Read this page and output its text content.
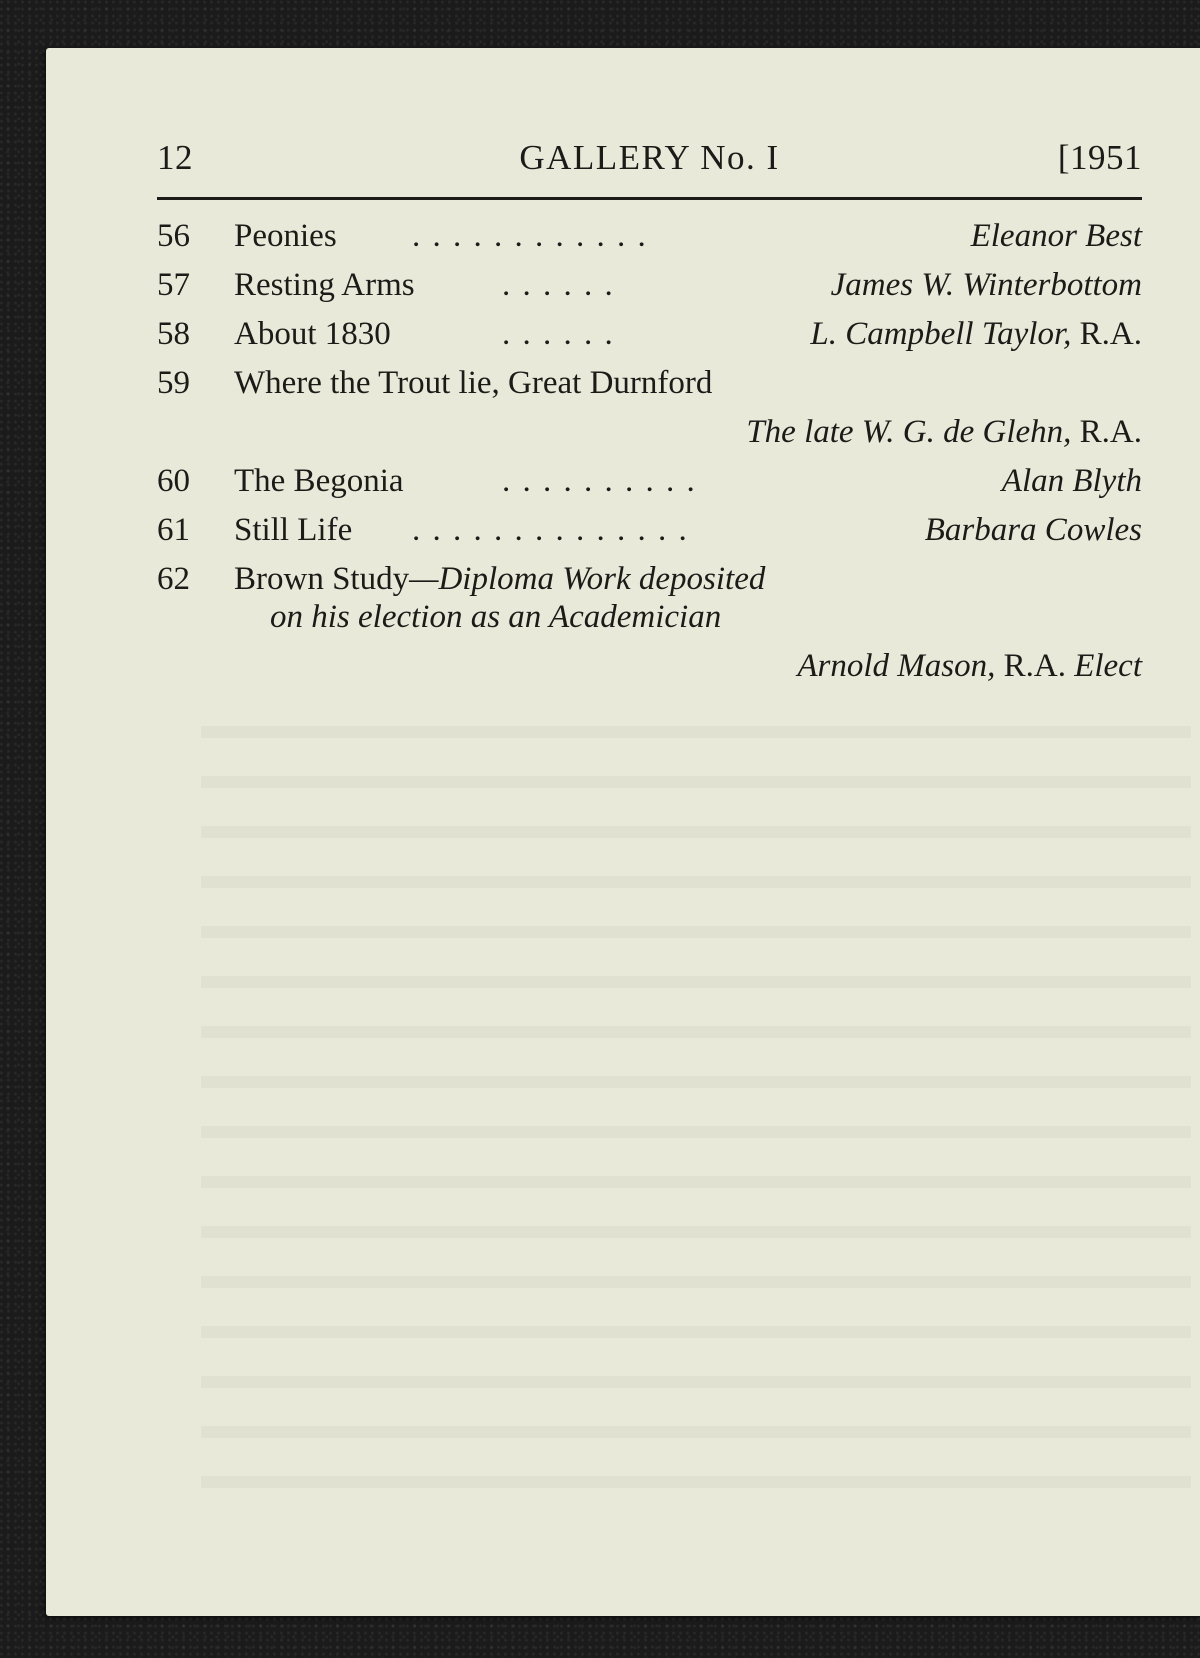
12	GALLERY No. I	[1951
56 Peonies . . . . . . . . . . . .	Eleanor Best
57 Resting Arms	. . . . . .	James W. Winterbottom
58 About 1830	. . . . . .	L. Campbell Taylor, R.A.
59 Where the Trout lie, Great Durnford
The late W. G. de Glehn, R.A.
60 The Begonia	. . . . . . . . . .	Alan Blyth
61 Still Life . . . . . . . . . . . . . .	Barbara Cowles
62 Brown Study—Diploma Work deposited
on his election as an Academician
Arnold Mason, R.A. Elect
